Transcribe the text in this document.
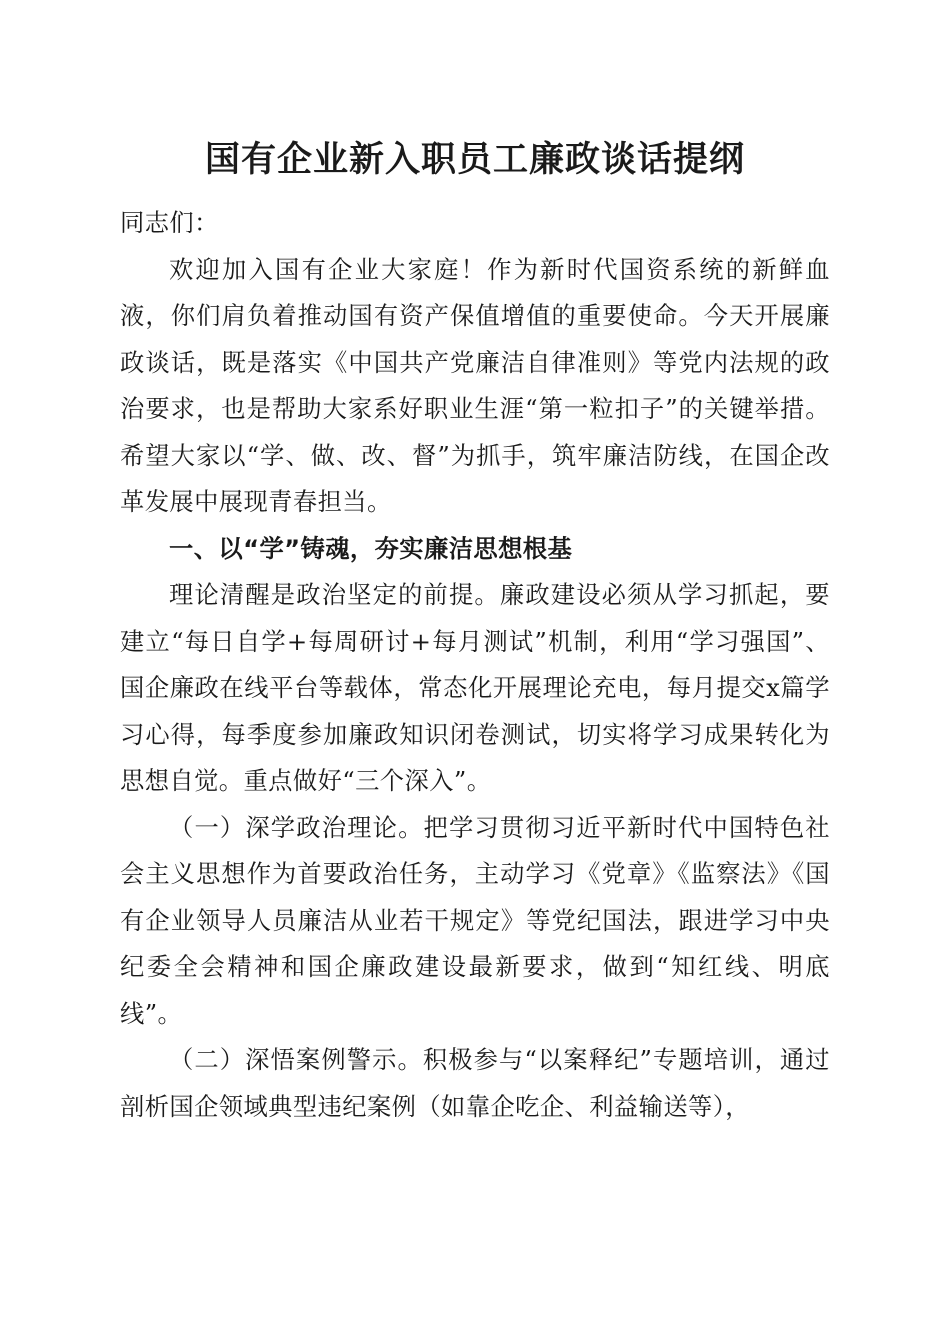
国有企业新入职员工廉政谈话提纲

同志们：

欢迎加入国有企业大家庭！作为新时代国资系统的新鲜血液，你们肩负着推动国有资产保值增值的重要使命。今天开展廉政谈话，既是落实《中国共产党廉洁自律准则》等党内法规的政治要求，也是帮助大家系好职业生涯“第一粒扣子”的关键举措。希望大家以“学、做、改、督”为抓手，筑牢廉洁防线，在国企改革发展中展现青春担当。

一、以“学”铸魂，夯实廉洁思想根基

理论清醒是政治坚定的前提。廉政建设必须从学习抓起，要建立“每日自学+每周研讨+每月测试”机制，利用“学习强国”、国企廉政在线平台等载体，常态化开展理论充电，每月提交x篇学习心得，每季度参加廉政知识闭卷测试，切实将学习成果转化为思想自觉。重点做好“三个深入”。

（一）深学政治理论。把学习贯彻习近平新时代中国特色社会主义思想作为首要政治任务，主动学习《党章》《监察法》《国有企业领导人员廉洁从业若干规定》等党纪国法，跟进学习中央纪委全会精神和国企廉政建设最新要求，做到“知红线、明底线”。

（二）深悟案例警示。积极参与“以案释纪”专题培训，通过剖析国企领域典型违纪案例（如靠企吃企、利益输送等），
